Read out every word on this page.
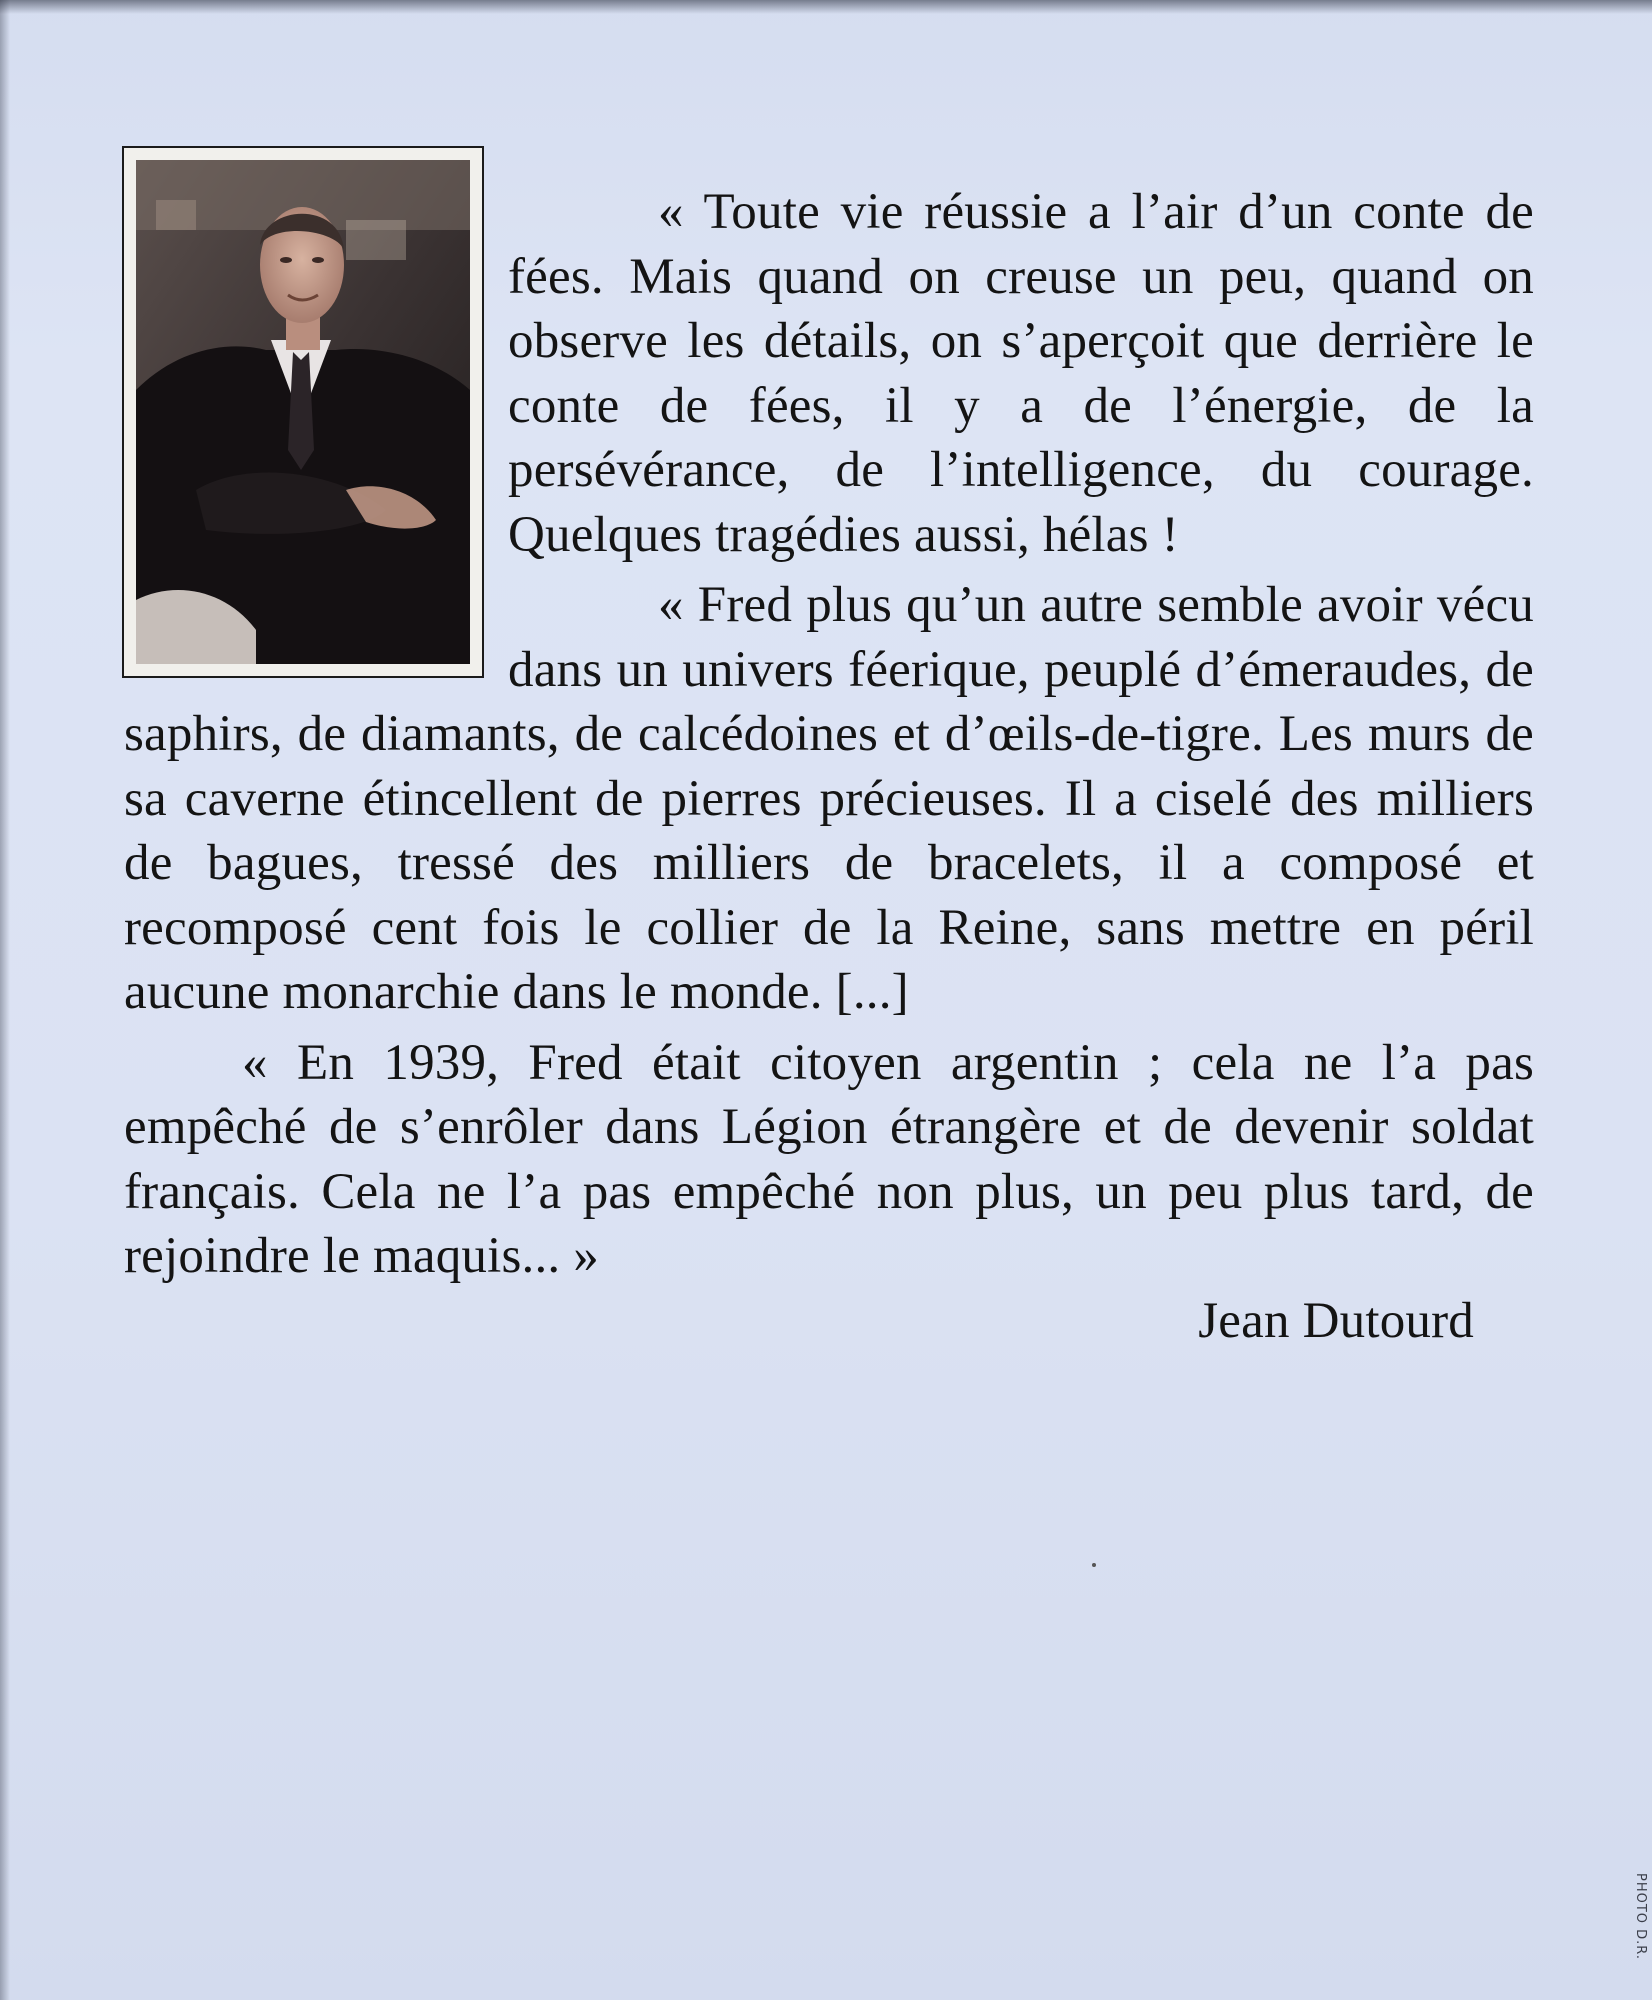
« Toute vie réussie a l’air d’un conte de fées. Mais quand on creuse un peu, quand on observe les détails, on s’aperçoit que derrière le conte de fées, il y a de l’énergie, de la persévérance, de l’intelligence, du courage. Quelques tragédies aussi, hélas !

« Fred plus qu’un autre semble avoir vécu dans un univers féerique, peuplé d’émeraudes, de saphirs, de diamants, de calcédoines et d’œils-de-tigre. Les murs de sa caverne étincellent de pierres précieuses. Il a ciselé des milliers de bagues, tressé des milliers de bracelets, il a composé et recomposé cent fois le collier de la Reine, sans mettre en péril aucune monarchie dans le monde. [...]

« En 1939, Fred était citoyen argentin ; cela ne l’a pas empêché de s’enrôler dans Légion étrangère et de devenir soldat français. Cela ne l’a pas empêché non plus, un peu plus tard, de rejoindre le maquis... »

Jean Dutourd

PHOTO D.R.
